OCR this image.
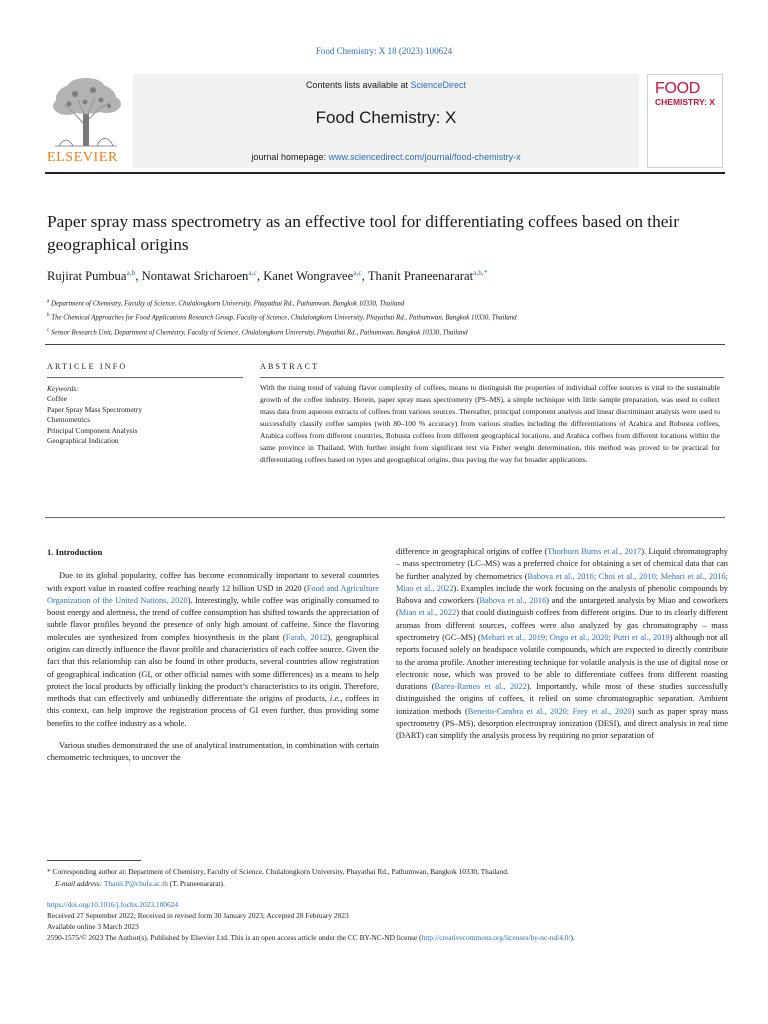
Food Chemistry: X 18 (2023) 100624
ELSEVIER
Contents lists available at ScienceDirect
Food Chemistry: X
journal homepage: www.sciencedirect.com/journal/food-chemistry-x
FOOD
CHEMISTRY: X
Paper spray mass spectrometry as an effective tool for differentiating coffees based on their geographical origins
Rujirat Pumbua$^{a,b}$, Nontawat Sricharoen$^{a,c}$, Kanet Wongravee$^{a,c}$, Thanit Praneenararat$^{a,b,*}$
$^a$ Department of Chemistry, Faculty of Science, Chulalongkorn University, Phayathai Rd., Pathumwan, Bangkok 10330, Thailand
$^b$ The Chemical Approaches for Food Applications Research Group, Faculty of Science, Chulalongkorn University, Phayathai Rd., Pathumwan, Bangkok 10330, Thailand
$^c$ Sensor Research Unit, Department of Chemistry, Faculty of Science, Chulalongkorn University, Phayathai Rd., Pathumwan, Bangkok 10330, Thailand
ARTICLE INFO
Keywords:
Coffee
Paper Spray Mass Spectrometry
Chemometrics
Principal Component Analysis
Geographical Indication
ABSTRACT
With the rising trend of valuing flavor complexity of coffees, means to distinguish the properties of individual coffee sources is vital to the sustainable growth of the coffee industry. Herein, paper spray mass spectrometry (PS–MS), a simple technique with little sample preparation, was used to collect mass data from aqueous extracts of coffees from various sources. Thereafter, principal component analysis and linear discriminant analysis were used to successfully classify coffee samples (with 80–100 % accuracy) from various studies including the differentiations of Arabica and Robusta coffees, Arabica coffees from different countries, Robusta coffees from different geographical locations, and Arabica coffees from different locations within the same province in Thailand. With further insight from significant test via Fisher weight determination, this method was proved to be practical for differentiating coffees based on types and geographical origins, thus paving the way for broader applications.
1. Introduction

Due to its global popularity, coffee has become economically important to several countries with export value in roasted coffee reaching nearly 12 billion USD in 2020 (Food and Agriculture Organization of the United Nations, 2020). Interestingly, while coffee was originally consumed to boost energy and alertness, the trend of coffee consumption has shifted towards the appreciation of subtle flavor profiles beyond the presence of only high amount of caffeine. Since the flavoring molecules are synthesized from complex biosynthesis in the plant (Farah, 2012), geographical origins can directly influence the flavor profile and characteristics of each coffee source. Given the fact that this relationship can also be found in other products, several countries allow registration of geographical indication (GI, or other official names with some differences) as a means to help protect the local products by officially linking the product’s characteristics to its origin. Therefore, methods that can effectively and unbiasedly differentiate the origins of products, i.e., coffees in this context, can help improve the registration process of GI even further, thus providing some benefits to the coffee industry as a whole.

Various studies demonstrated the use of analytical instrumentation, in combination with certain chemometric techniques, to uncover the

difference in geographical origins of coffee (Thorburn Burns et al., 2017). Liquid chromatography – mass spectrometry (LC–MS) was a preferred choice for obtaining a set of chemical data that can be further analyzed by chemometrics (Babova et al., 2016; Choi et al., 2010; Mehari et al., 2016; Miao et al., 2022). Examples include the work focusing on the analysis of phenolic compounds by Babova and coworkers (Babova et al., 2016) and the untargeted analysis by Miao and coworkers (Miao et al., 2022) that could distinguish coffees from different origins. Due to its clearly different aromas from different sources, coffees were also analyzed by gas chromatography – mass spectrometry (GC–MS) (Mehari et al., 2019; Ongo et al., 2020; Putri et al., 2019) although not all reports focused solely on headspace volatile compounds, which are expected to directly contribute to the aroma profile. Another interesting technique for volatile analysis is the use of digital nose or electronic nose, which was proved to be able to differentiate coffees from different roasting durations (Barea-Ramos et al., 2022). Importantly, while most of these studies successfully distinguished the origins of coffees, it relied on some chromatographic separation. Ambient ionization methods (Beneito-Cambra et al., 2020; Frey et al., 2020) such as paper spray mass spectrometry (PS–MS), desorption electrospray ionization (DESI), and direct analysis in real time (DART) can simplify the analysis process by requiring no prior separation of

* Corresponding author at: Department of Chemistry, Faculty of Science, Chulalongkorn University, Phayathai Rd., Pathumwan, Bangkok 10330, Thailand.
E-mail address: Thanit.P@chula.ac.th (T. Praneenararat).
https://doi.org/10.1016/j.fochx.2023.100624
Received 27 September 2022; Received in revised form 30 January 2023; Accepted 28 February 2023
Available online 3 March 2023
2590-1575/© 2023 The Author(s). Published by Elsevier Ltd. This is an open access article under the CC BY-NC-ND license (http://creativecommons.org/licenses/by-nc-nd/4.0/).
